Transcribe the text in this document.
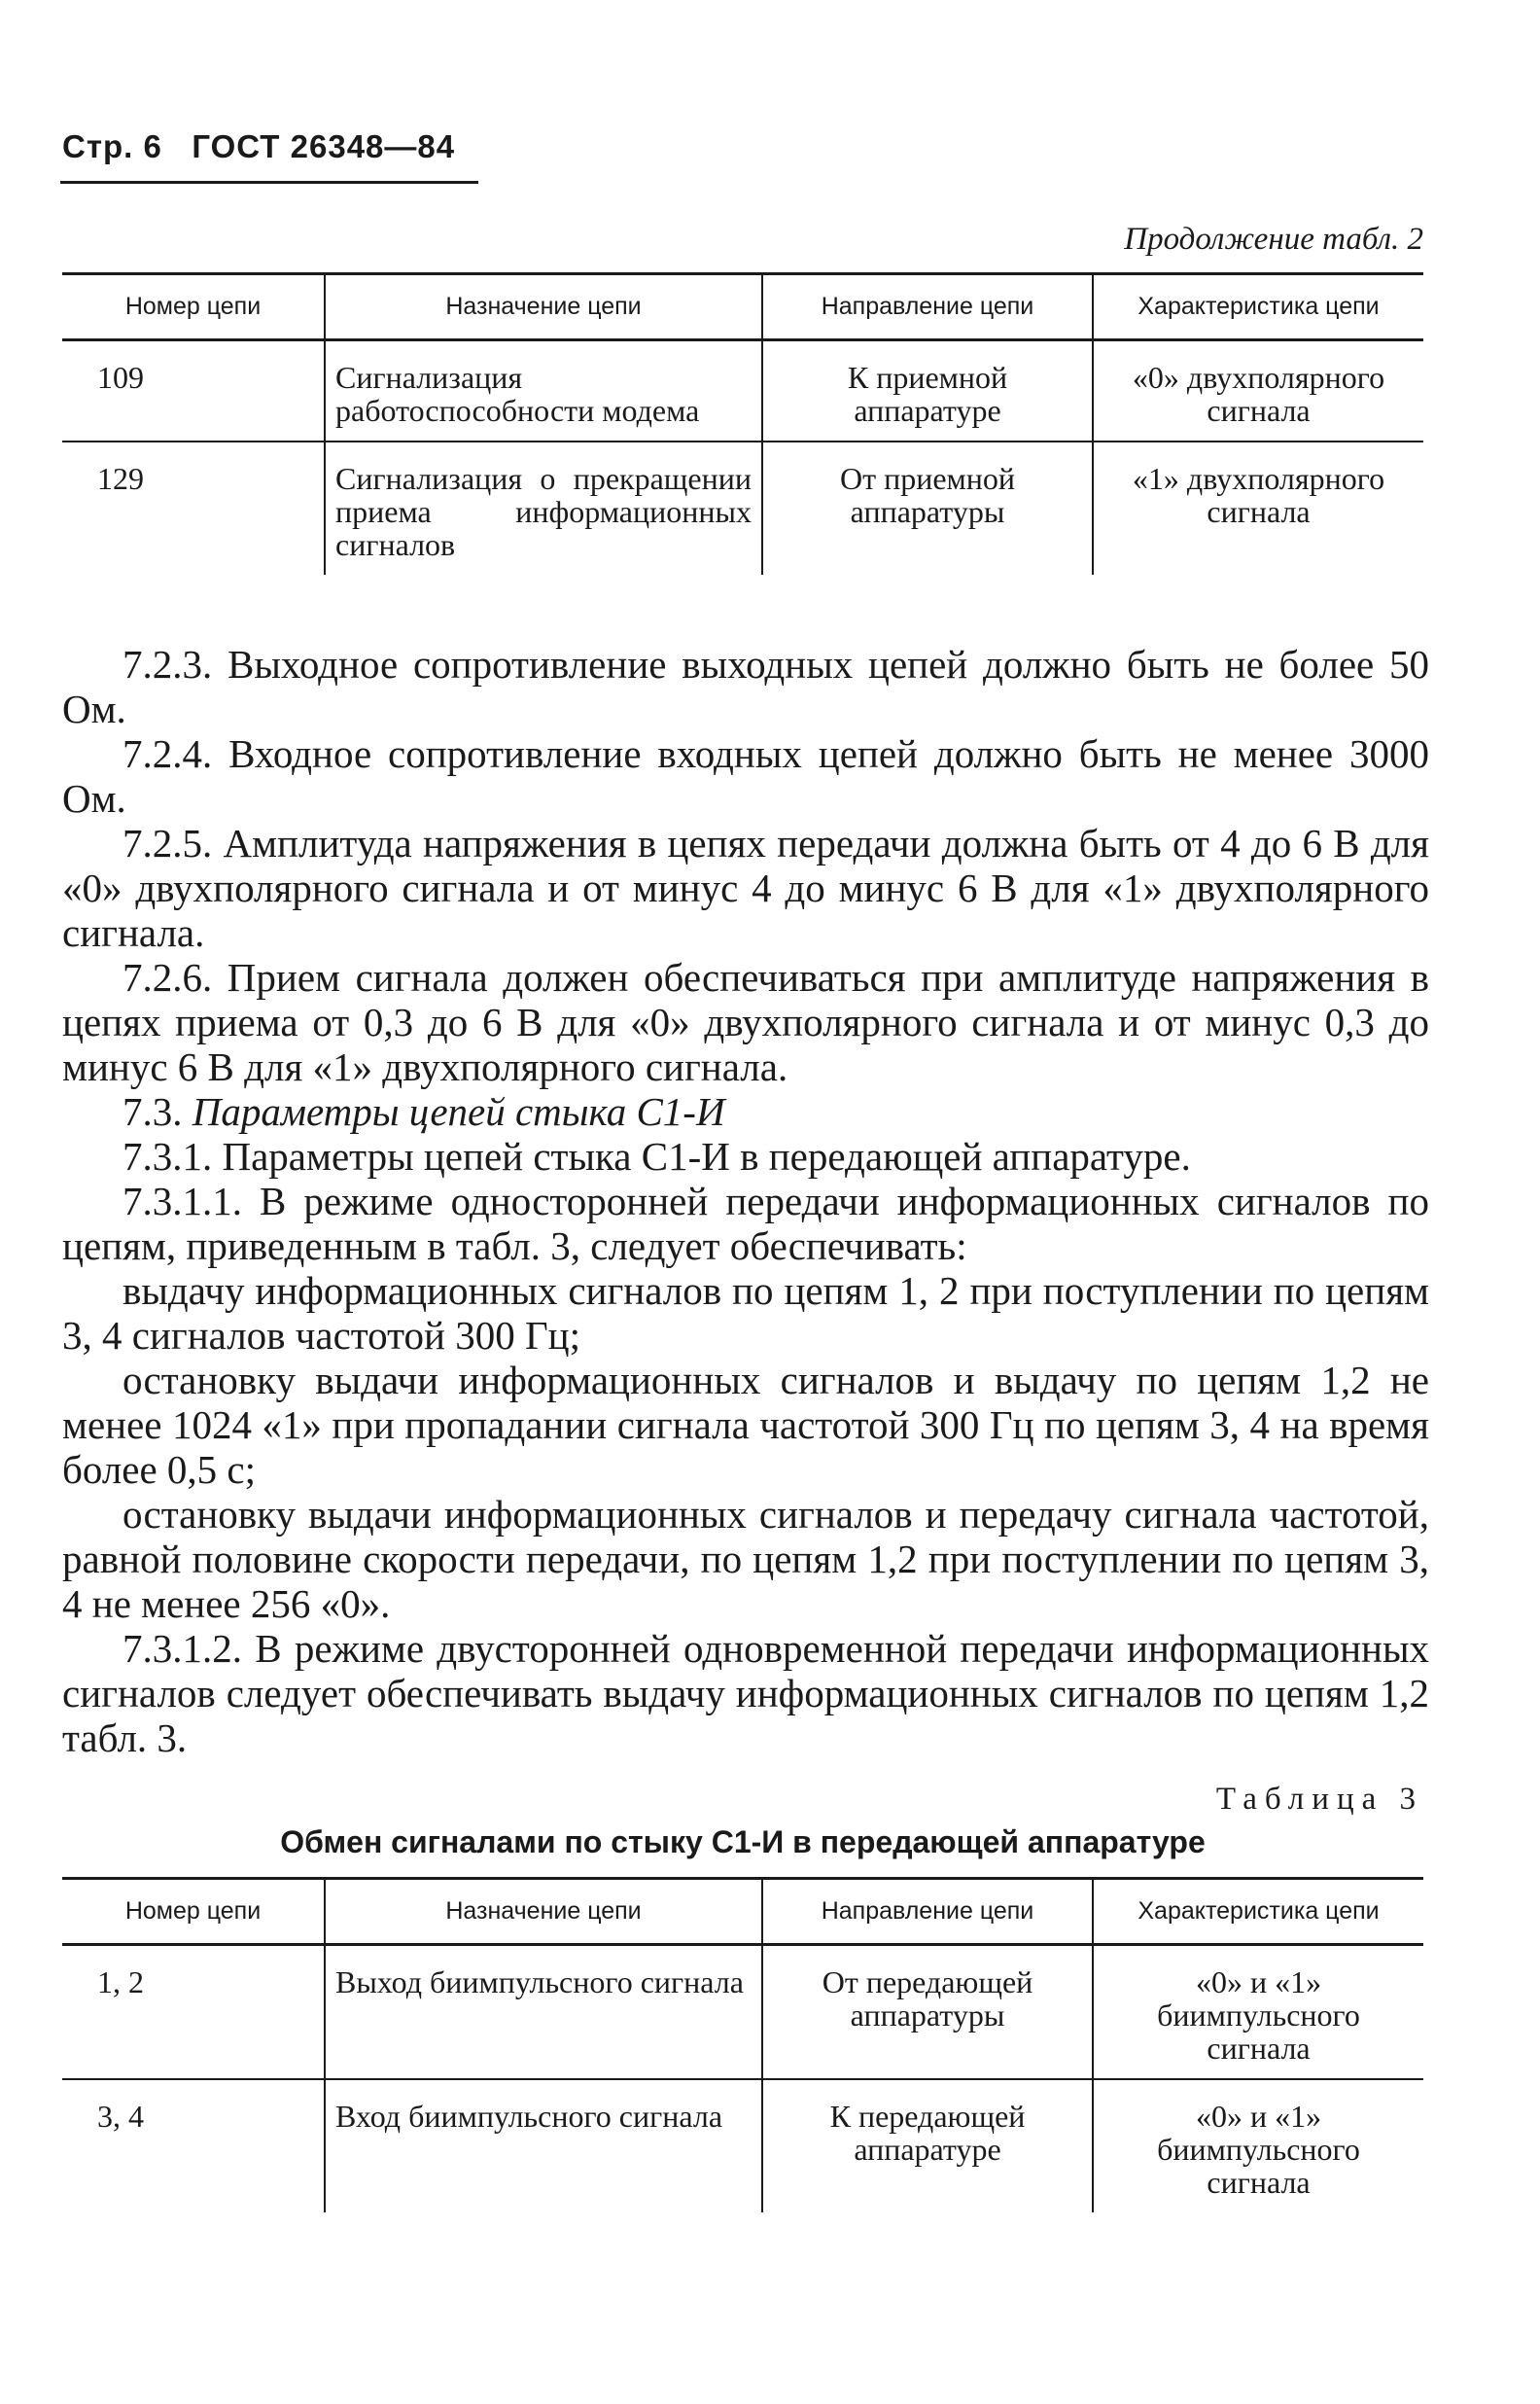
Стр. 6 ГОСТ 26348—84
Продолжение табл. 2
Номер цепи	Назначение цепи	Направление цепи	Характеристика цепи
109	Сигнализация работоспособности модема	К приемной аппаратуре	«0» двухполярного сигнала
129	Сигнализация о прекращении приема информационных сигналов	От приемной аппаратуры	«1» двухполярного сигнала

7.2.3. Выходное сопротивление выходных цепей должно быть не более 50 Ом.

7.2.4. Входное сопротивление входных цепей должно быть не менее 3000 Ом.

7.2.5. Амплитуда напряжения в цепях передачи должна быть от 4 до 6 В для «0» двухполярного сигнала и от минус 4 до минус 6 В для «1» двухполярного сигнала.

7.2.6. Прием сигнала должен обеспечиваться при амплитуде напряжения в цепях приема от 0,3 до 6 В для «0» двухполярного сигнала и от минус 0,3 до минус 6 В для «1» двухполярного сигнала.

7.3. Параметры цепей стыка С1-И

7.3.1. Параметры цепей стыка С1-И в передающей аппаратуре.

7.3.1.1. В режиме односторонней передачи информационных сигналов по цепям, приведенным в табл. 3, следует обеспечивать:

выдачу информационных сигналов по цепям 1, 2 при поступлении по цепям 3, 4 сигналов частотой 300 Гц;

остановку выдачи информационных сигналов и выдачу по цепям 1,2 не менее 1024 «1» при пропадании сигнала частотой 300 Гц по цепям 3, 4 на время более 0,5 с;

остановку выдачи информационных сигналов и передачу сигнала частотой, равной половине скорости передачи, по цепям 1,2 при поступлении по цепям 3, 4 не менее 256 «0».

7.3.1.2. В режиме двусторонней одновременной передачи информационных сигналов следует обеспечивать выдачу информационных сигналов по цепям 1,2 табл. 3.

Таблица 3
Обмен сигналами по стыку С1-И в передающей аппаратуре
Номер цепи	Назначение цепи	Направление цепи	Характеристика цепи
1, 2	Выход биимпульсного сигнала	От передающей аппаратуры	«0» и «1» биимпульсного сигнала
3, 4	Вход биимпульсного сигнала	К передающей аппаратуре	«0» и «1» биимпульсного сигнала
